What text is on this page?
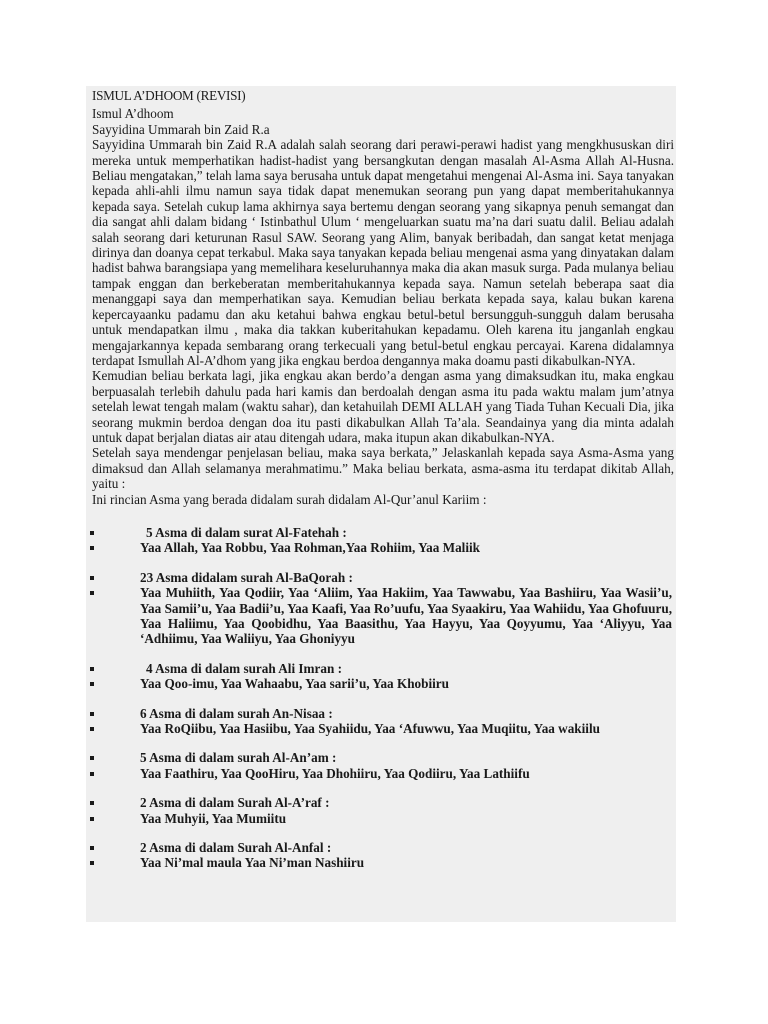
ISMUL A’DHOOM (REVISI)

Ismul A’dhoom

Sayyidina Ummarah bin Zaid R.a

Sayyidina Ummarah bin Zaid R.A adalah salah seorang dari perawi-perawi hadist yang mengkhususkan diri mereka untuk memperhatikan hadist-hadist yang bersangkutan dengan masalah Al-Asma Allah Al-Husna. Beliau mengatakan,” telah lama saya berusaha untuk dapat mengetahui mengenai Al-Asma ini. Saya tanyakan kepada ahli-ahli ilmu namun saya tidak dapat menemukan seorang pun yang dapat memberitahukannya kepada saya. Setelah cukup lama akhirnya saya bertemu dengan seorang yang sikapnya penuh semangat dan dia sangat ahli dalam bidang ‘ Istinbathul Ulum ‘ mengeluarkan suatu ma’na dari suatu dalil. Beliau adalah salah seorang dari keturunan Rasul SAW. Seorang yang Alim, banyak beribadah, dan sangat ketat menjaga dirinya dan doanya cepat terkabul. Maka saya tanyakan kepada beliau mengenai asma yang dinyatakan dalam hadist bahwa barangsiapa yang memelihara keseluruhannya maka dia akan masuk surga. Pada mulanya beliau tampak enggan dan berkeberatan memberitahukannya kepada saya. Namun setelah beberapa saat dia menanggapi saya dan memperhatikan saya. Kemudian beliau berkata kepada saya, kalau bukan karena kepercayaanku padamu dan aku ketahui bahwa engkau betul-betul bersungguh-sungguh dalam berusaha untuk mendapatkan ilmu , maka dia takkan kuberitahukan kepadamu. Oleh karena itu janganlah engkau mengajarkannya kepada sembarang orang terkecuali yang betul-betul engkau percayai. Karena didalamnya terdapat Ismullah Al-A’dhom yang jika engkau berdoa dengannya maka doamu pasti dikabulkan-NYA.

Kemudian beliau berkata lagi, jika engkau akan berdo’a dengan asma yang dimaksudkan itu, maka engkau berpuasalah terlebih dahulu pada hari kamis dan berdoalah dengan asma itu pada waktu malam jum’atnya setelah lewat tengah malam (waktu sahar), dan ketahuilah DEMI ALLAH yang Tiada Tuhan Kecuali Dia, jika seorang mukmin berdoa dengan doa itu pasti dikabulkan Allah Ta’ala. Seandainya yang dia minta adalah untuk dapat berjalan diatas air atau ditengah udara, maka itupun akan dikabulkan-NYA.

Setelah saya mendengar penjelasan beliau, maka saya berkata,” Jelaskanlah kepada saya Asma-Asma yang dimaksud dan Allah selamanya merahmatimu.” Maka beliau berkata, asma-asma itu terdapat dikitab Allah, yaitu :

Ini rincian Asma yang berada didalam surah didalam Al-Qur’anul Kariim :

5 Asma di dalam surat Al-Fatehah :
Yaa Allah, Yaa Robbu, Yaa Rohman,Yaa Rohiim, Yaa Maliik
23 Asma didalam surah Al-BaQorah :
Yaa Muhiith, Yaa Qodiir, Yaa ‘Aliim, Yaa Hakiim, Yaa Tawwabu, Yaa Bashiiru, Yaa Wasii’u, Yaa Samii’u, Yaa Badii’u, Yaa Kaafi, Yaa Ro’uufu, Yaa Syaakiru, Yaa Wahiidu, Yaa Ghofuuru, Yaa Haliimu, Yaa Qoobidhu, Yaa Baasithu, Yaa Hayyu, Yaa Qoyyumu, Yaa ‘Aliyyu, Yaa ‘Adhiimu, Yaa Waliiyu, Yaa Ghoniyyu
4 Asma di dalam surah Ali Imran :
Yaa Qoo-imu, Yaa Wahaabu, Yaa sarii’u, Yaa Khobiiru
6 Asma di dalam surah An-Nisaa :
Yaa RoQiibu, Yaa Hasiibu, Yaa Syahiidu, Yaa ‘Afuwwu, Yaa Muqiitu, Yaa wakiilu
5 Asma di dalam surah Al-An’am :
Yaa Faathiru, Yaa QooHiru, Yaa Dhohiiru, Yaa Qodiiru, Yaa Lathiifu
2 Asma di dalam Surah Al-A’raf :
Yaa Muhyii, Yaa Mumiitu
2 Asma di dalam Surah Al-Anfal :
Yaa Ni’mal maula Yaa Ni’man Nashiiru
